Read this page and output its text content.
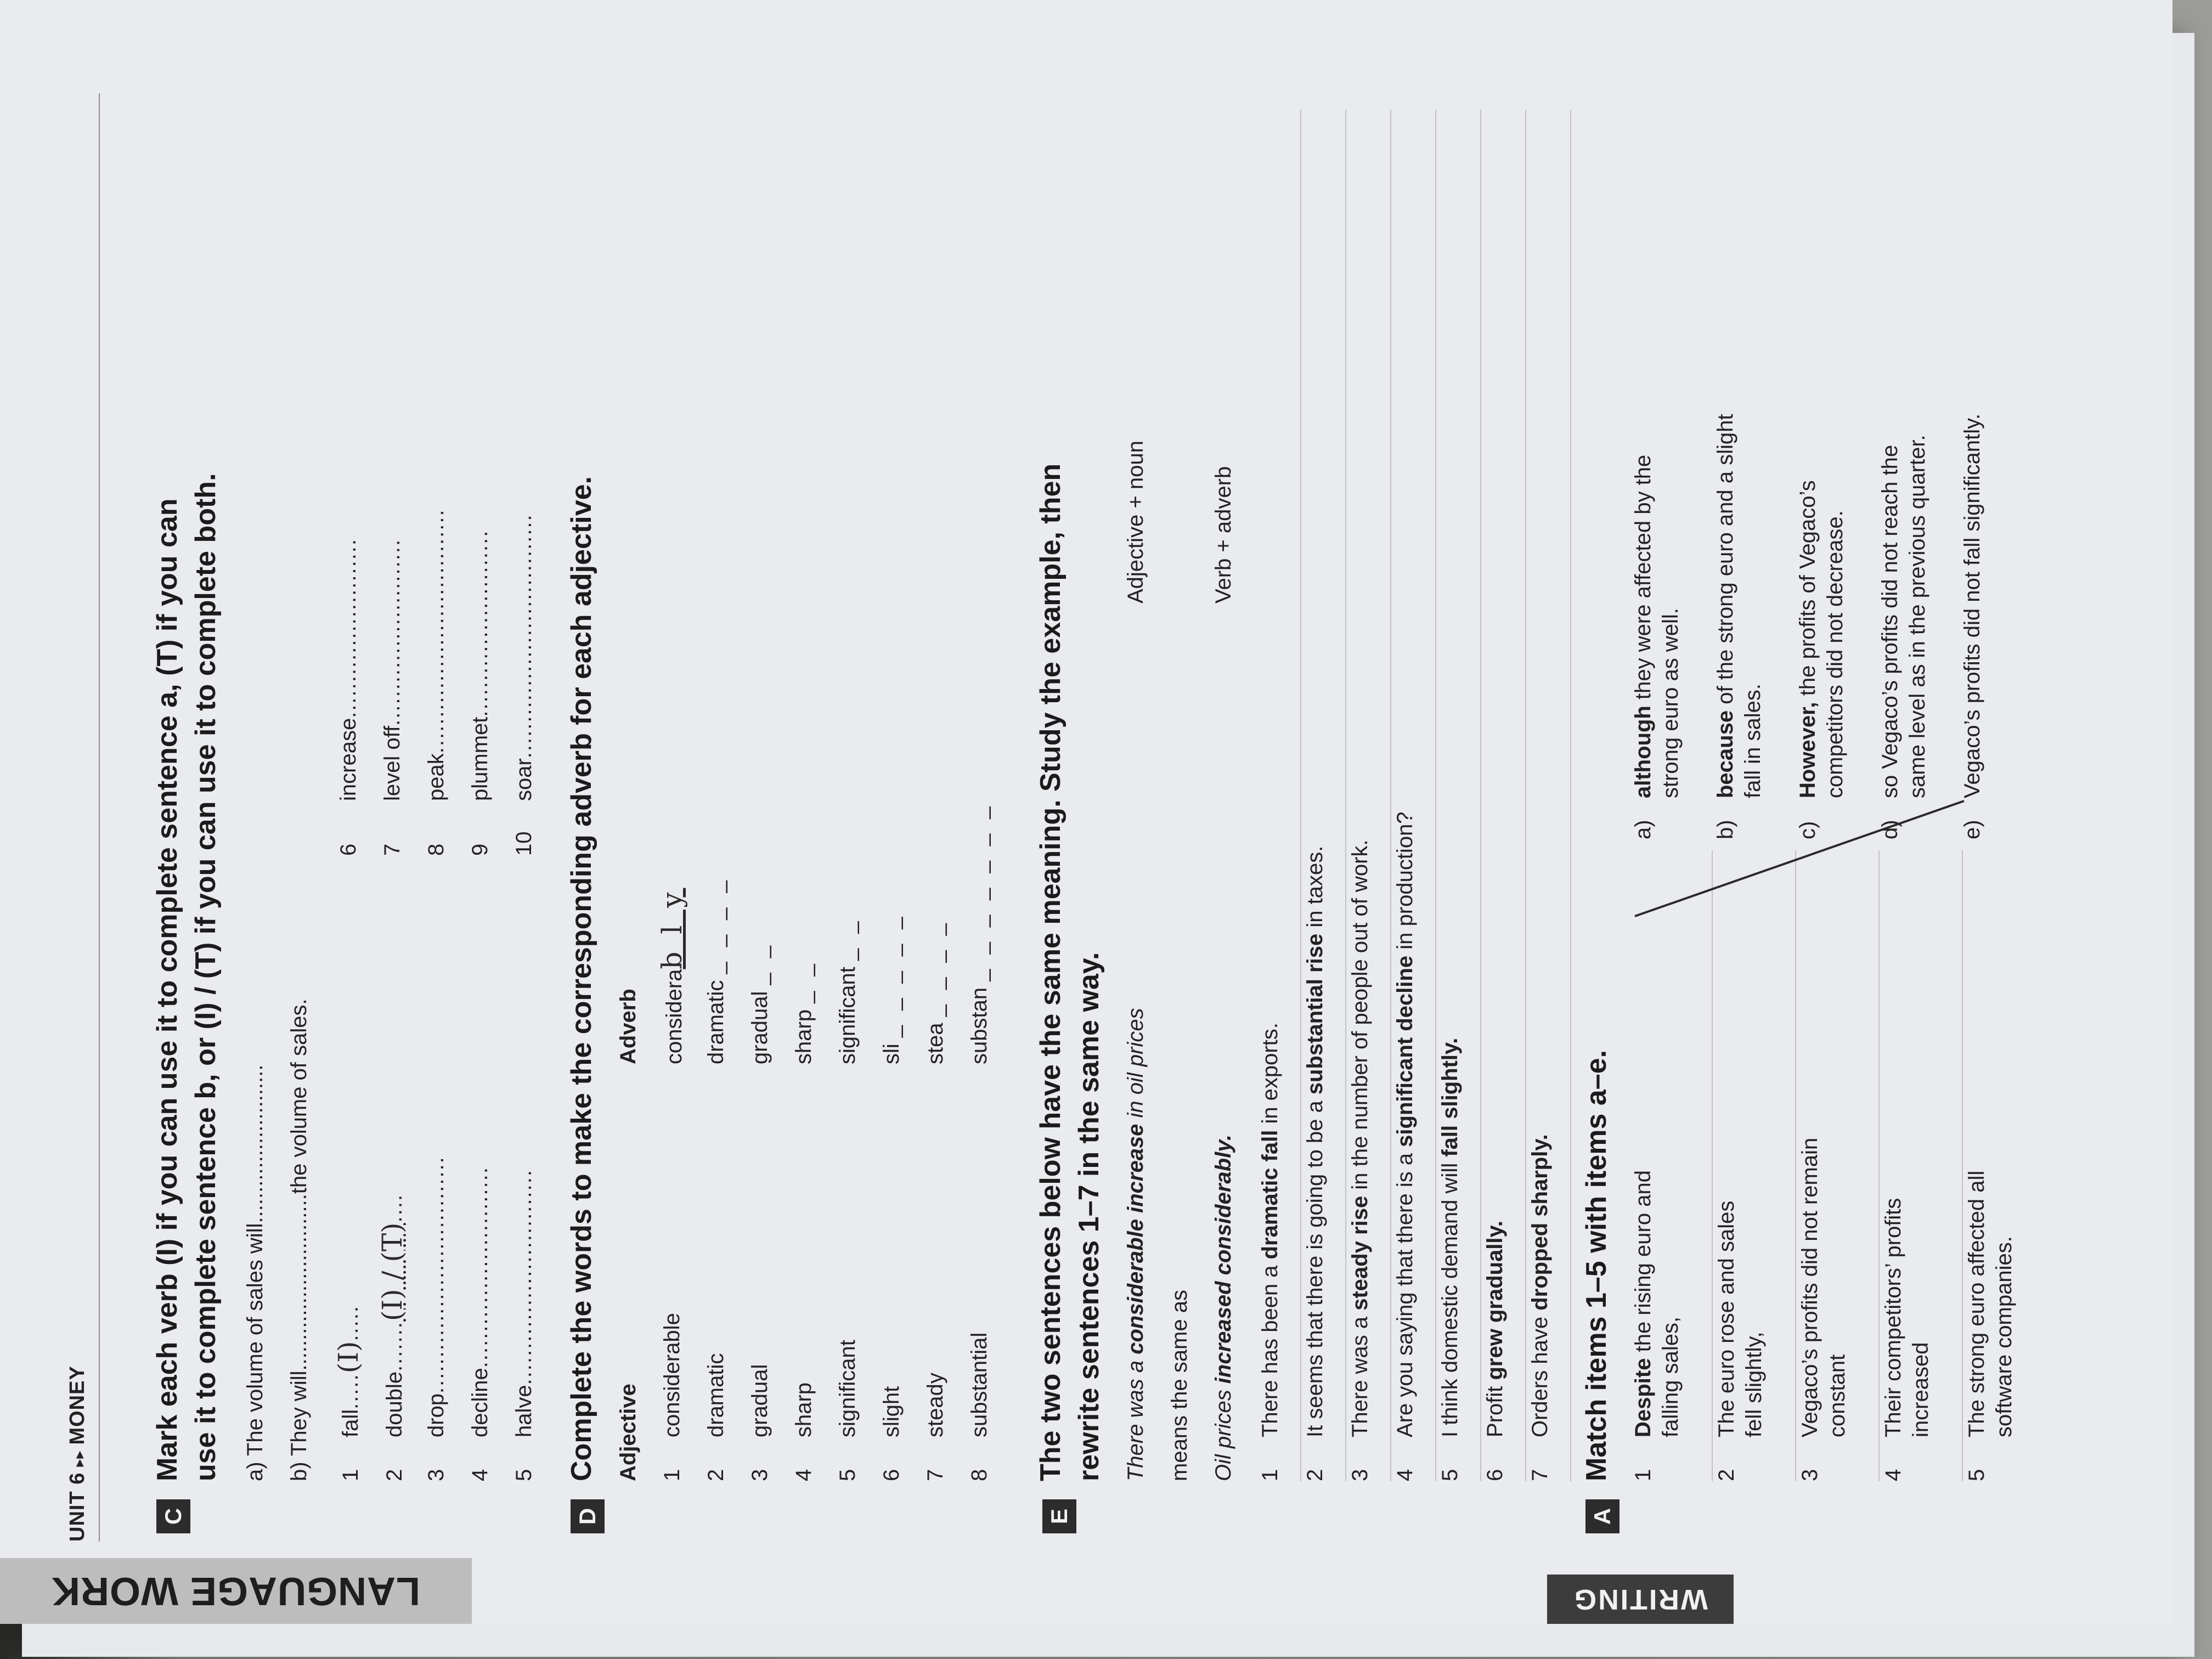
UNIT 6▸▸MONEY
LANGUAGE WORK	WRITING
C
Mark each verb (I) if you can use it to complete sentence a, (T) if you can use it to complete sentence b, or (I) / (T) if you can use it to complete both. a) The volume of sales will.......................... b) They will.............................the volume of sales. 1fall.....(I).....
2double.......(I) / (T)....
3drop.................................
4decline............................
5halve..............................
6increase.........................
7level off..........................
8peak..................................
9plummet..........................
10soar..................................
D
Complete the words to make the corresponding adverb for each adjective. Adjective
Adverb
1considerable
considerab l y
2dramatic
dramatic _ _ _ _
3gradual
gradual _ _
4sharp
sharp _ _
5significant
significant _ _
6slight
sli _ _ _ _ _
7steady
stea _ _ _ _
8substantial
substan _ _ _ _ _ _ _
E
The two sentences below have the same meaning. Study the example, then rewrite sentences 1–7 in the same way. There was a considerable increase in oil prices
Adjective + noun
means the same as Oil prices increased considerably.
Verb + adverb
1There has been a dramatic fall in exports.
2It seems that there is going to be a substantial rise in taxes.
3There was a steady rise in the number of people out of work.
4Are you saying that there is a significant decline in production?
5I think domestic demand will fall slightly.
6Profit grew gradually.
7Orders have dropped sharply.
A
Match items 1–5 with items a–e. 1Despite the rising euro and
falling sales,
2The euro rose and sales fell slightly,
3Vegaco’s profits did not remain constant
4Their competitors’ profits increased
5The strong euro affected all software companies.
a)although they were affected by the strong euro as well.
b)because of the strong euro and a slight
fall in sales.
c)However, the profits of Vegaco’s competitors did not decrease.
d)so Vegaco’s profits did not reach the same level as in the previous quarter.
e)Vegaco’s profits did not fall significantly.
